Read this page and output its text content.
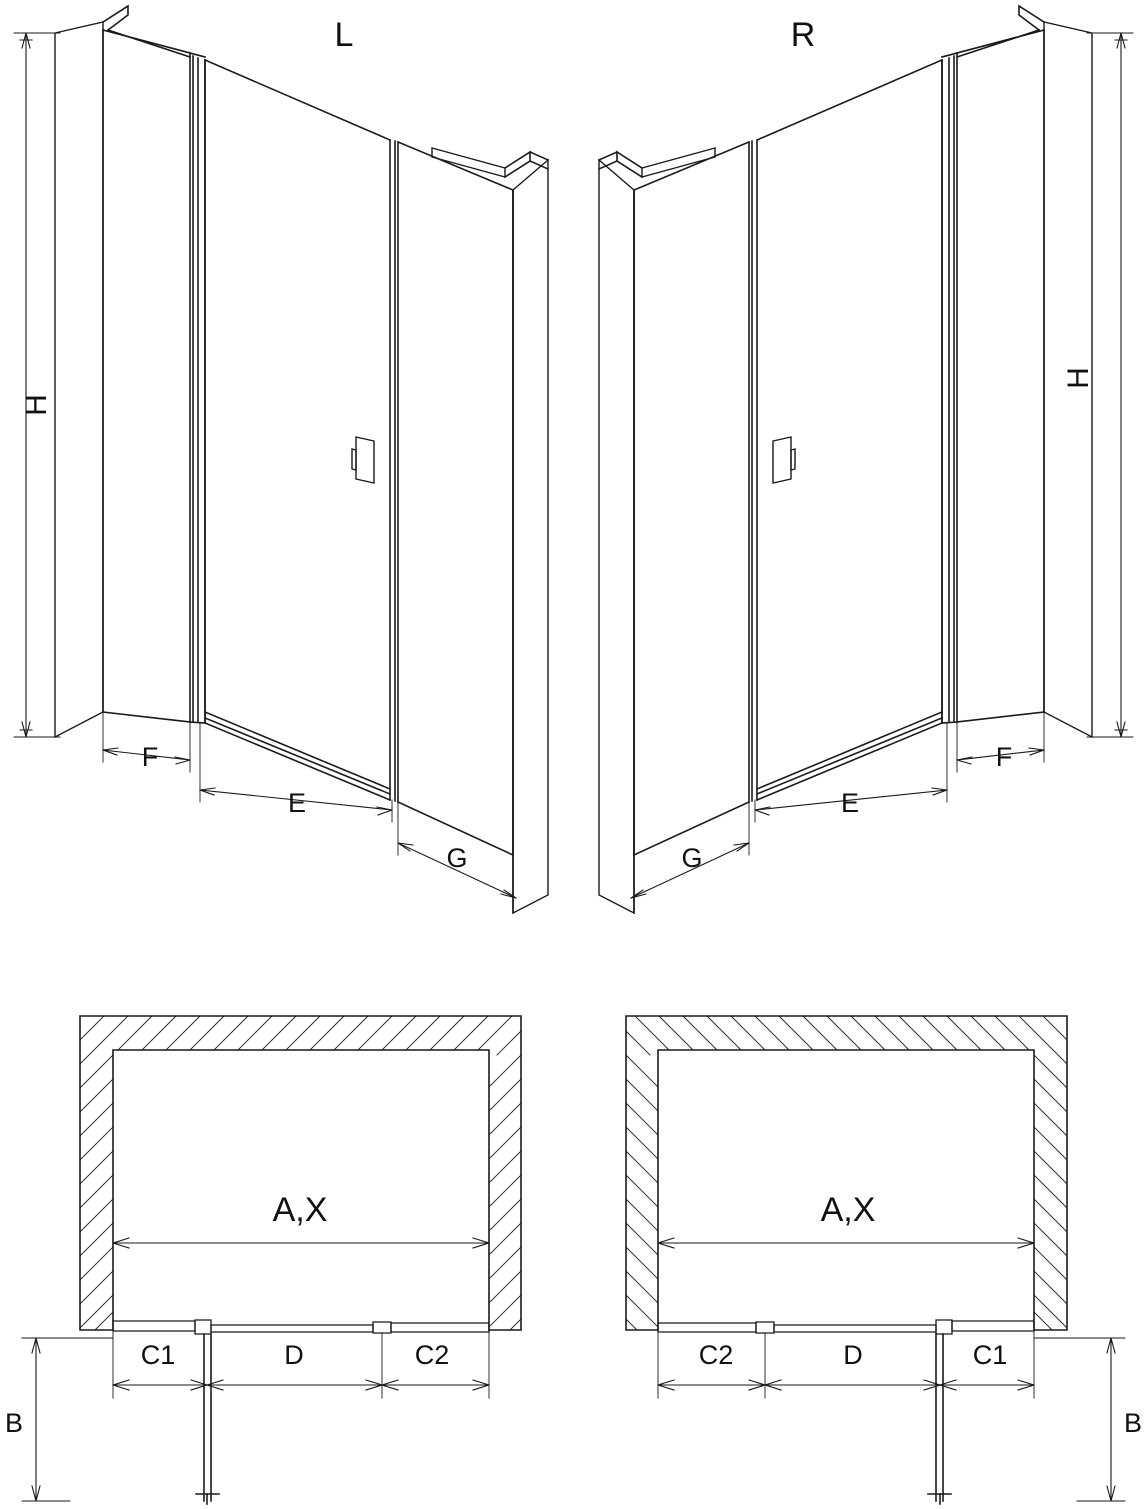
L	R
H
H
F
E
G	G
E
F
A,X
C1	D	C2
B
A,X
C2	D	C1
B
